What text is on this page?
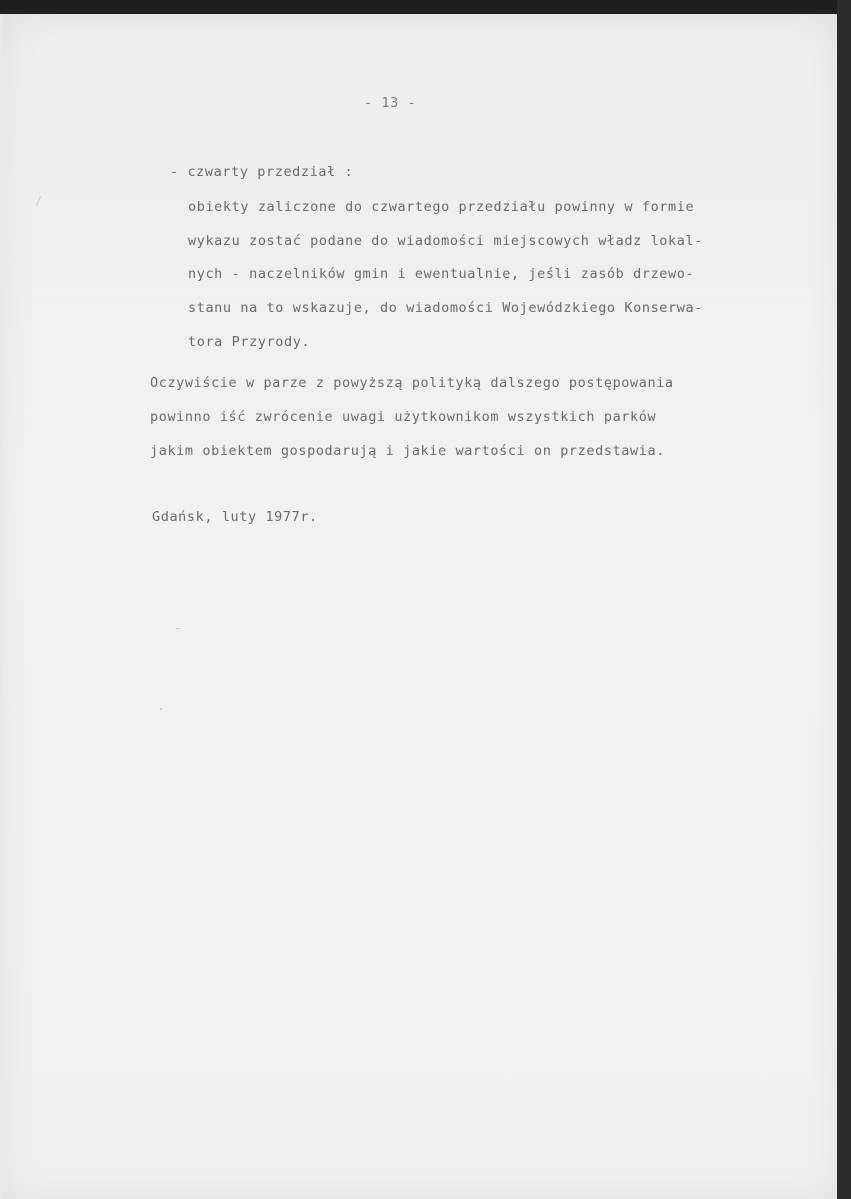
- 13 -
- czwarty przedział :
obiekty zaliczone do czwartego przedziału powinny w formie
wykazu zostać podane do wiadomości miejscowych władz lokal-
nych - naczelników gmin i ewentualnie, jeśli zasób drzewo-
stanu na to wskazuje, do wiadomości Wojewódzkiego Konserwa-
tora Przyrody.
Oczywiście w parze z powyższą polityką dalszego postępowania
powinno iść zwrócenie uwagi użytkownikom wszystkich parków
jakim obiektem gospodarują i jakie wartości on przedstawia.
Gdańsk, luty 1977r.
